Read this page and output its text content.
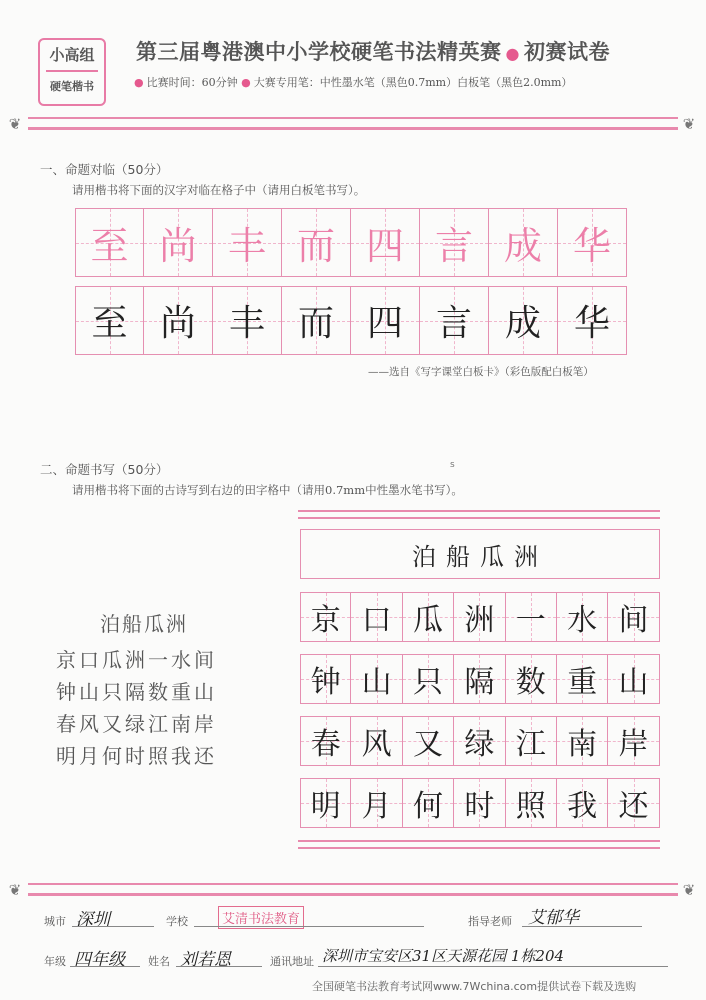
小高组
硬笔楷书
第三届粤港澳中小学校硬笔书法精英赛 ● 初赛试卷
● 比赛时间：60分钟 ● 大赛专用笔：中性墨水笔（黑色0.7mm）白板笔（黑色2.0mm）
❦	❦
一、命题对临（50分）
请用楷书将下面的汉字对临在格子中（请用白板笔书写）。
至 尚 丰 而 四 言 成 华
至 尚 丰 而 四 言 成 华
——选自《写字课堂白板卡》（彩色版配白板笔）
s
二、命题书写（50分）
请用楷书将下面的古诗写到右边的田字格中（请用0.7mm中性墨水笔书写）。
泊船瓜洲
京口瓜洲一水间
钟山只隔数重山
春风又绿江南岸
明月何时照我还
泊船瓜洲
京 口 瓜 洲 一 水 间
钟 山 只 隔 数 重 山
春 风 又 绿 江 南 岸
明 月 何 时 照 我 还
❦	❦
城市 深圳	学校	艾清书法教育	指导老师 艾郁华
年级 四年级 姓名 刘若恩	通讯地址 深圳市宝安区31区天源花园 1栋204
全国硬笔书法教育考试网www.7Wchina.com提供试卷下载及选购
